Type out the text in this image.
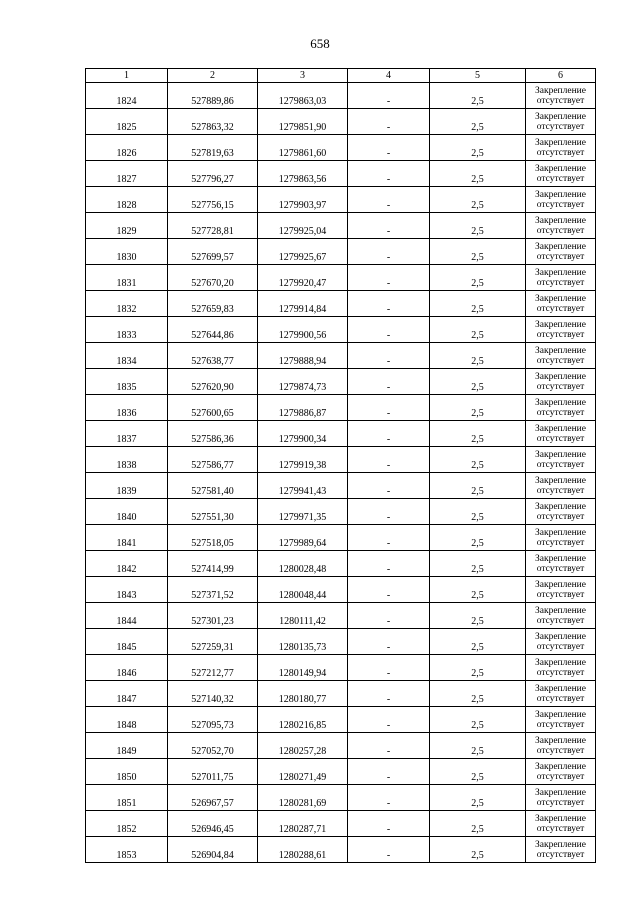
658
1	2	3	4	5	6
1824	527889,86	1279863,03	-	2,5	Закрепление отсутствует
1825	527863,32	1279851,90	-	2,5	Закрепление отсутствует
1826	527819,63	1279861,60	-	2,5	Закрепление отсутствует
1827	527796,27	1279863,56	-	2,5	Закрепление отсутствует
1828	527756,15	1279903,97	-	2,5	Закрепление отсутствует
1829	527728,81	1279925,04	-	2,5	Закрепление отсутствует
1830	527699,57	1279925,67	-	2,5	Закрепление отсутствует
1831	527670,20	1279920,47	-	2,5	Закрепление отсутствует
1832	527659,83	1279914,84	-	2,5	Закрепление отсутствует
1833	527644,86	1279900,56	-	2,5	Закрепление отсутствует
1834	527638,77	1279888,94	-	2,5	Закрепление отсутствует
1835	527620,90	1279874,73	-	2,5	Закрепление отсутствует
1836	527600,65	1279886,87	-	2,5	Закрепление отсутствует
1837	527586,36	1279900,34	-	2,5	Закрепление отсутствует
1838	527586,77	1279919,38	-	2,5	Закрепление отсутствует
1839	527581,40	1279941,43	-	2,5	Закрепление отсутствует
1840	527551,30	1279971,35	-	2,5	Закрепление отсутствует
1841	527518,05	1279989,64	-	2,5	Закрепление отсутствует
1842	527414,99	1280028,48	-	2,5	Закрепление отсутствует
1843	527371,52	1280048,44	-	2,5	Закрепление отсутствует
1844	527301,23	1280111,42	-	2,5	Закрепление отсутствует
1845	527259,31	1280135,73	-	2,5	Закрепление отсутствует
1846	527212,77	1280149,94	-	2,5	Закрепление отсутствует
1847	527140,32	1280180,77	-	2,5	Закрепление отсутствует
1848	527095,73	1280216,85	-	2,5	Закрепление отсутствует
1849	527052,70	1280257,28	-	2,5	Закрепление отсутствует
1850	527011,75	1280271,49	-	2,5	Закрепление отсутствует
1851	526967,57	1280281,69	-	2,5	Закрепление отсутствует
1852	526946,45	1280287,71	-	2,5	Закрепление отсутствует
1853	526904,84	1280288,61	-	2,5	Закрепление отсутствует
